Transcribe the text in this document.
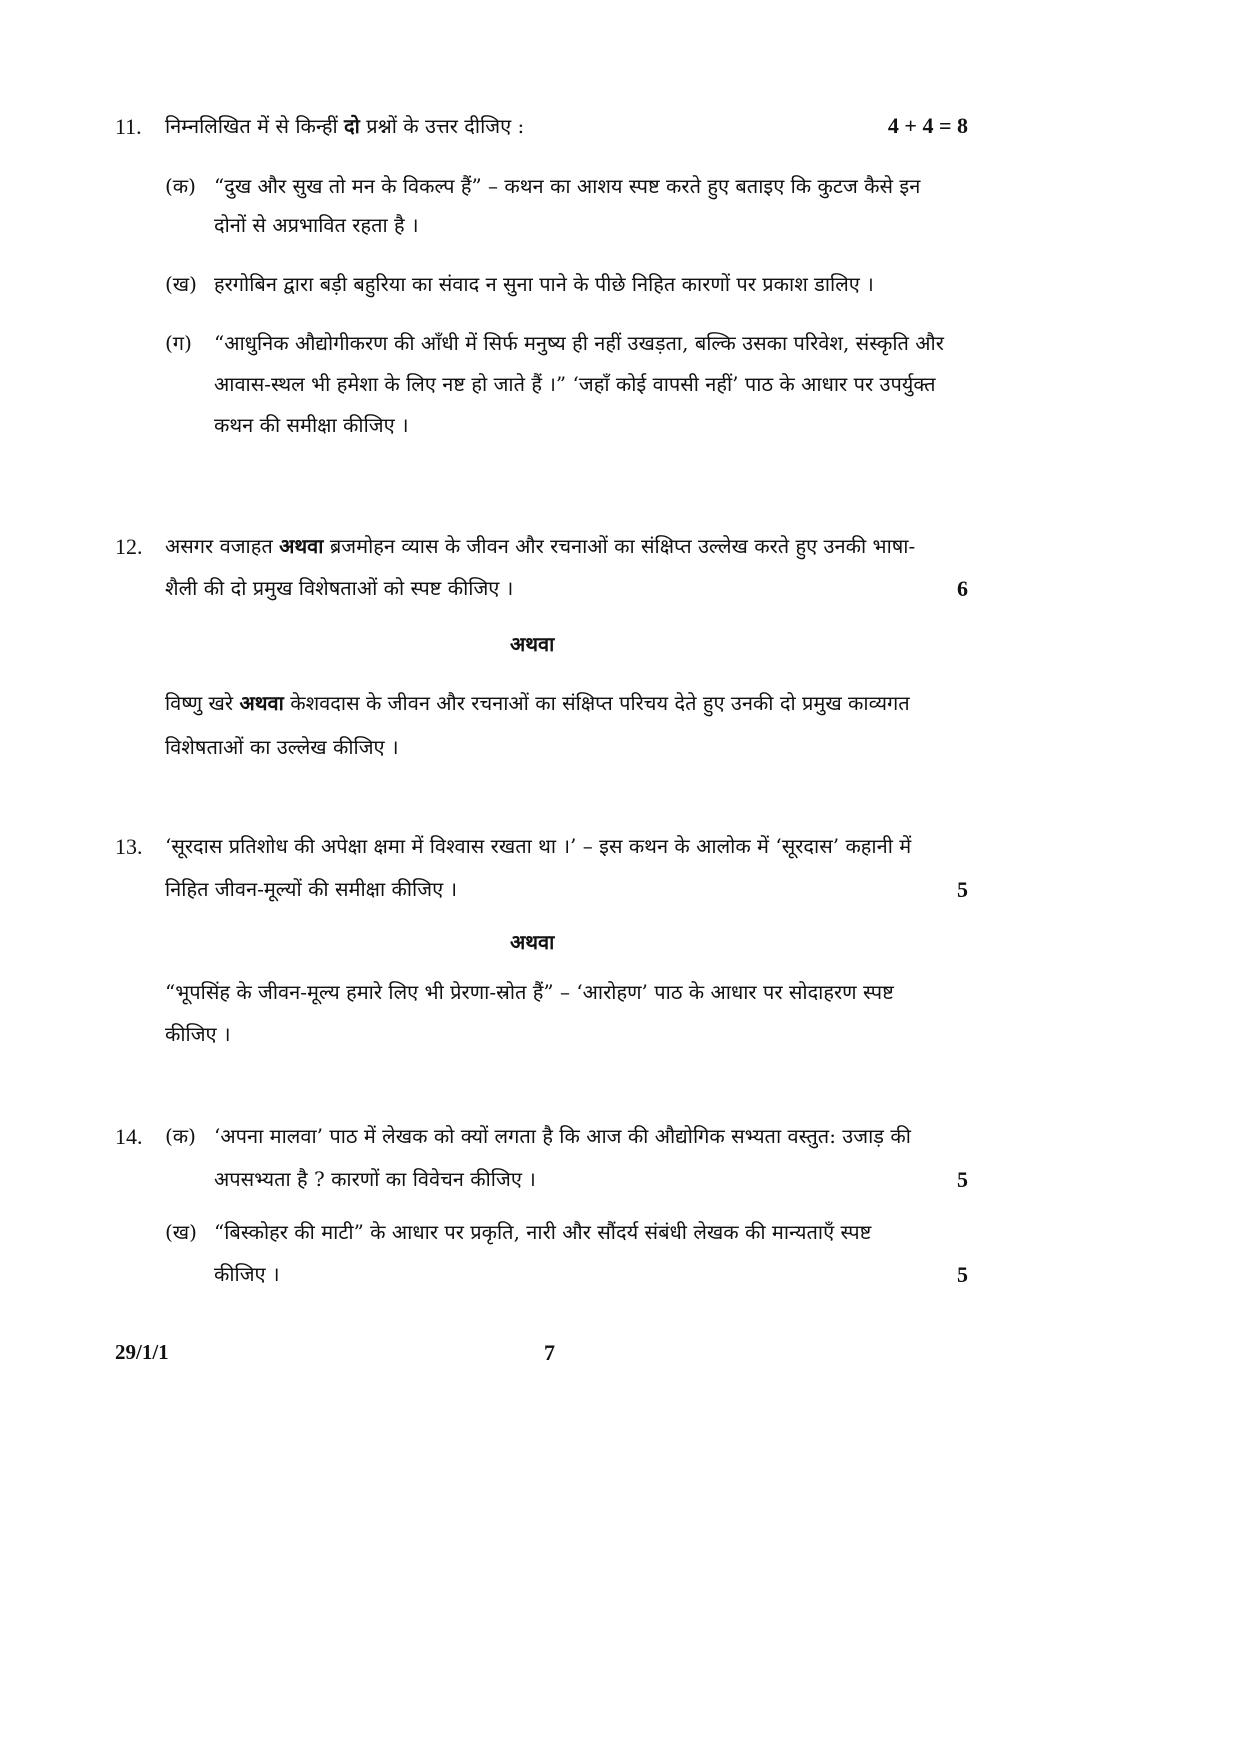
11. निम्नलिखित में से किन्हीं दो प्रश्नों के उत्तर दीजिए :	4 + 4 = 8
(क) “दुख और सुख तो मन के विकल्प हैं” – कथन का आशय स्पष्ट करते हुए बताइए कि कुटज कैसे इन
दोनों से अप्रभावित रहता है ।
(ख) हरगोबिन द्वारा बड़ी बहुरिया का संवाद न सुना पाने के पीछे निहित कारणों पर प्रकाश डालिए ।
(ग) “आधुनिक औद्योगीकरण की आँधी में सिर्फ मनुष्य ही नहीं उखड़ता, बल्कि उसका परिवेश, संस्कृति और
आवास-स्थल भी हमेशा के लिए नष्ट हो जाते हैं ।” ‘जहाँ कोई वापसी नहीं’ पाठ के आधार पर उपर्युक्त
कथन की समीक्षा कीजिए ।
12. असगर वजाहत अथवा ब्रजमोहन व्यास के जीवन और रचनाओं का संक्षिप्त उल्लेख करते हुए उनकी भाषा-
शैली की दो प्रमुख विशेषताओं को स्पष्ट कीजिए ।	6
अथवा
विष्णु खरे अथवा केशवदास के जीवन और रचनाओं का संक्षिप्त परिचय देते हुए उनकी दो प्रमुख काव्यगत
विशेषताओं का उल्लेख कीजिए ।
13. ‘सूरदास प्रतिशोध की अपेक्षा क्षमा में विश्वास रखता था ।’ – इस कथन के आलोक में ‘सूरदास’ कहानी में
निहित जीवन-मूल्यों की समीक्षा कीजिए ।	5
अथवा
“भूपसिंह के जीवन-मूल्य हमारे लिए भी प्रेरणा-स्रोत हैं” – ‘आरोहण’ पाठ के आधार पर सोदाहरण स्पष्ट
कीजिए ।
14. (क) ‘अपना मालवा’ पाठ में लेखक को क्यों लगता है कि आज की औद्योगिक सभ्यता वस्तुत: उजाड़ की
अपसभ्यता है ? कारणों का विवेचन कीजिए ।	5
(ख) “बिस्कोहर की माटी” के आधार पर प्रकृति, नारी और सौंदर्य संबंधी लेखक की मान्यताएँ स्पष्ट
कीजिए ।	5
29/1/1	7
